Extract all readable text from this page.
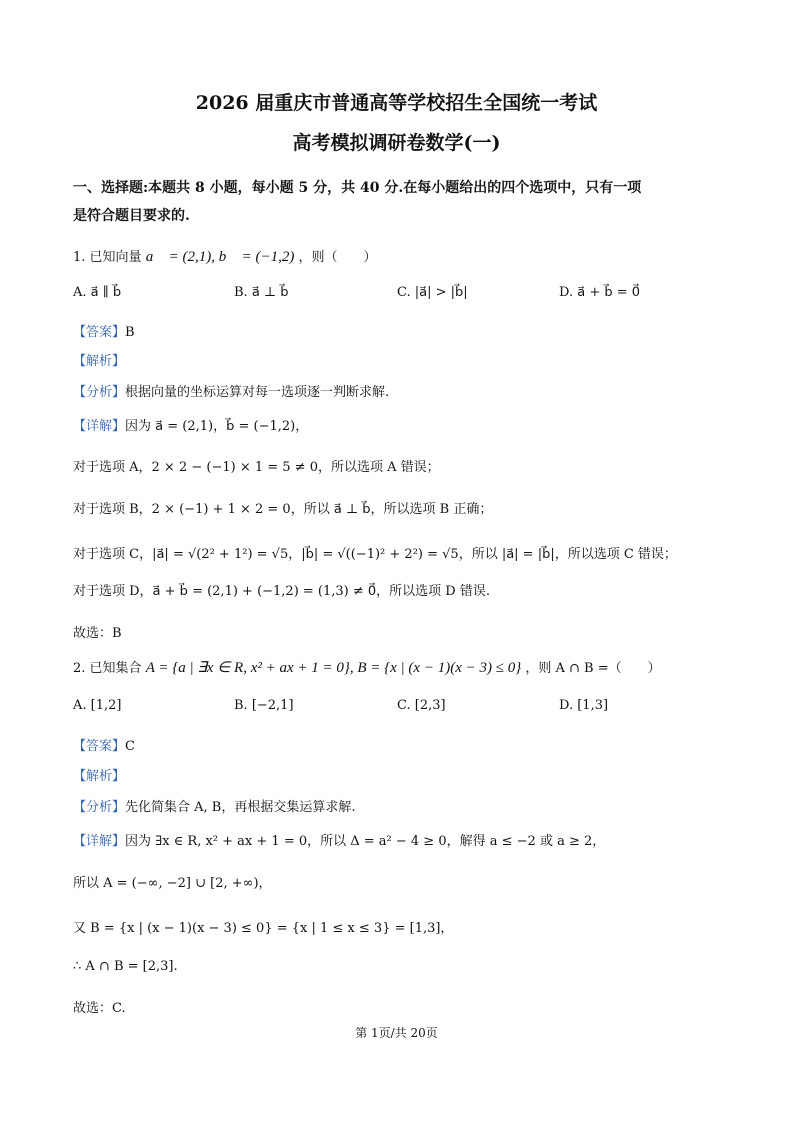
2026 届重庆市普通高等学校招生全国统一考试
高考模拟调研卷数学(一)
一、选择题:本题共 8 小题，每小题 5 分，共 40 分.在每小题给出的四个选项中，只有一项
是符合题目要求的.
1. 已知向量 a⃗ = (2,1), b⃗ = (−1,2) ，则（　　）
A. a⃗ ∥ b⃗	B. a⃗ ⊥ b⃗	C. |a⃗| > |b⃗|	D. a⃗ + b⃗ = 0⃗
【答案】B
【解析】
【分析】根据向量的坐标运算对每一选项逐一判断求解.
【详解】因为 a⃗ = (2,1)，b⃗ = (−1,2)，
对于选项 A，2 × 2 − (−1) × 1 = 5 ≠ 0，所以选项 A 错误；
对于选项 B，2 × (−1) + 1 × 2 = 0，所以 a⃗ ⊥ b⃗，所以选项 B 正确；
对于选项 C，|a⃗| = √(2² + 1²) = √5，|b⃗| = √((−1)² + 2²) = √5，所以 |a⃗| = |b⃗|，所以选项 C 错误；
对于选项 D，a⃗ + b⃗ = (2,1) + (−1,2) = (1,3) ≠ 0⃗，所以选项 D 错误.
故选：B
2. 已知集合 A = {a | ∃x ∈ R, x² + ax + 1 = 0}, B = {x | (x − 1)(x − 3) ≤ 0} ，则 A ∩ B =（　　）
A. [1,2]	B. [−2,1]	C. [2,3]	D. [1,3]
【答案】C
【解析】
【分析】先化简集合 A, B，再根据交集运算求解.
【详解】因为 ∃x ∈ R, x² + ax + 1 = 0，所以 Δ = a² − 4 ≥ 0，解得 a ≤ −2 或 a ≥ 2，
所以 A = (−∞, −2] ∪ [2, +∞)，
又 B = {x | (x − 1)(x − 3) ≤ 0} = {x | 1 ≤ x ≤ 3} = [1,3]，
∴ A ∩ B = [2,3].
故选：C.
第 1页/共 20页
